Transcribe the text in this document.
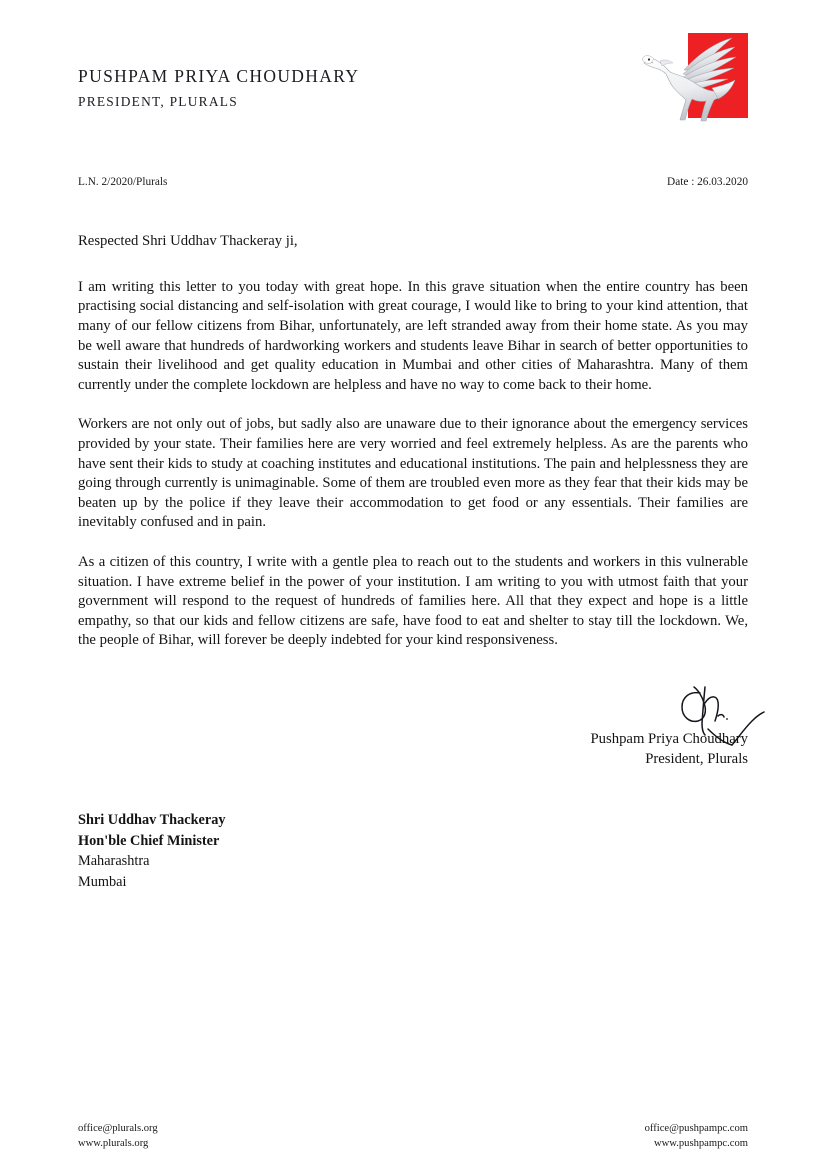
PUSHPAM PRIYA CHOUDHARY
PRESIDENT, PLURALS
L.N. 2/2020/Plurals	Date : 26.03.2020
Respected Shri Uddhav Thackeray ji,

I am writing this letter to you today with great hope. In this grave situation when the entire country has been practising social distancing and self-isolation with great courage, I would like to bring to your kind attention, that many of our fellow citizens from Bihar, unfortunately, are left stranded away from their home state. As you may be well aware that hundreds of hardworking workers and students leave Bihar in search of better opportunities to sustain their livelihood and get quality education in Mumbai and other cities of Maharashtra. Many of them currently under the complete lockdown are helpless and have no way to come back to their home.

Workers are not only out of jobs, but sadly also are unaware due to their ignorance about the emergency services provided by your state. Their families here are very worried and feel extremely helpless. As are the parents who have sent their kids to study at coaching institutes and educational institutions. The pain and helplessness they are going through currently is unimaginable. Some of them are troubled even more as they fear that their kids may be beaten up by the police if they leave their accommodation to get food or any essentials. Their families are inevitably confused and in pain.

As a citizen of this country, I write with a gentle plea to reach out to the students and workers in this vulnerable situation. I have extreme belief in the power of your institution. I am writing to you with utmost faith that your government will respond to the request of hundreds of families here. All that they expect and hope is a little empathy, so that our kids and fellow citizens are safe, have food to eat and shelter to stay till the lockdown. We, the people of Bihar, will forever be deeply indebted for your kind responsiveness.

Pushpam Priya Choudhary
President, Plurals
Shri Uddhav Thackeray
Hon'ble Chief Minister
Maharashtra
Mumbai
office@plurals.org
www.plurals.org
office@pushpampc.com
www.pushpampc.com
